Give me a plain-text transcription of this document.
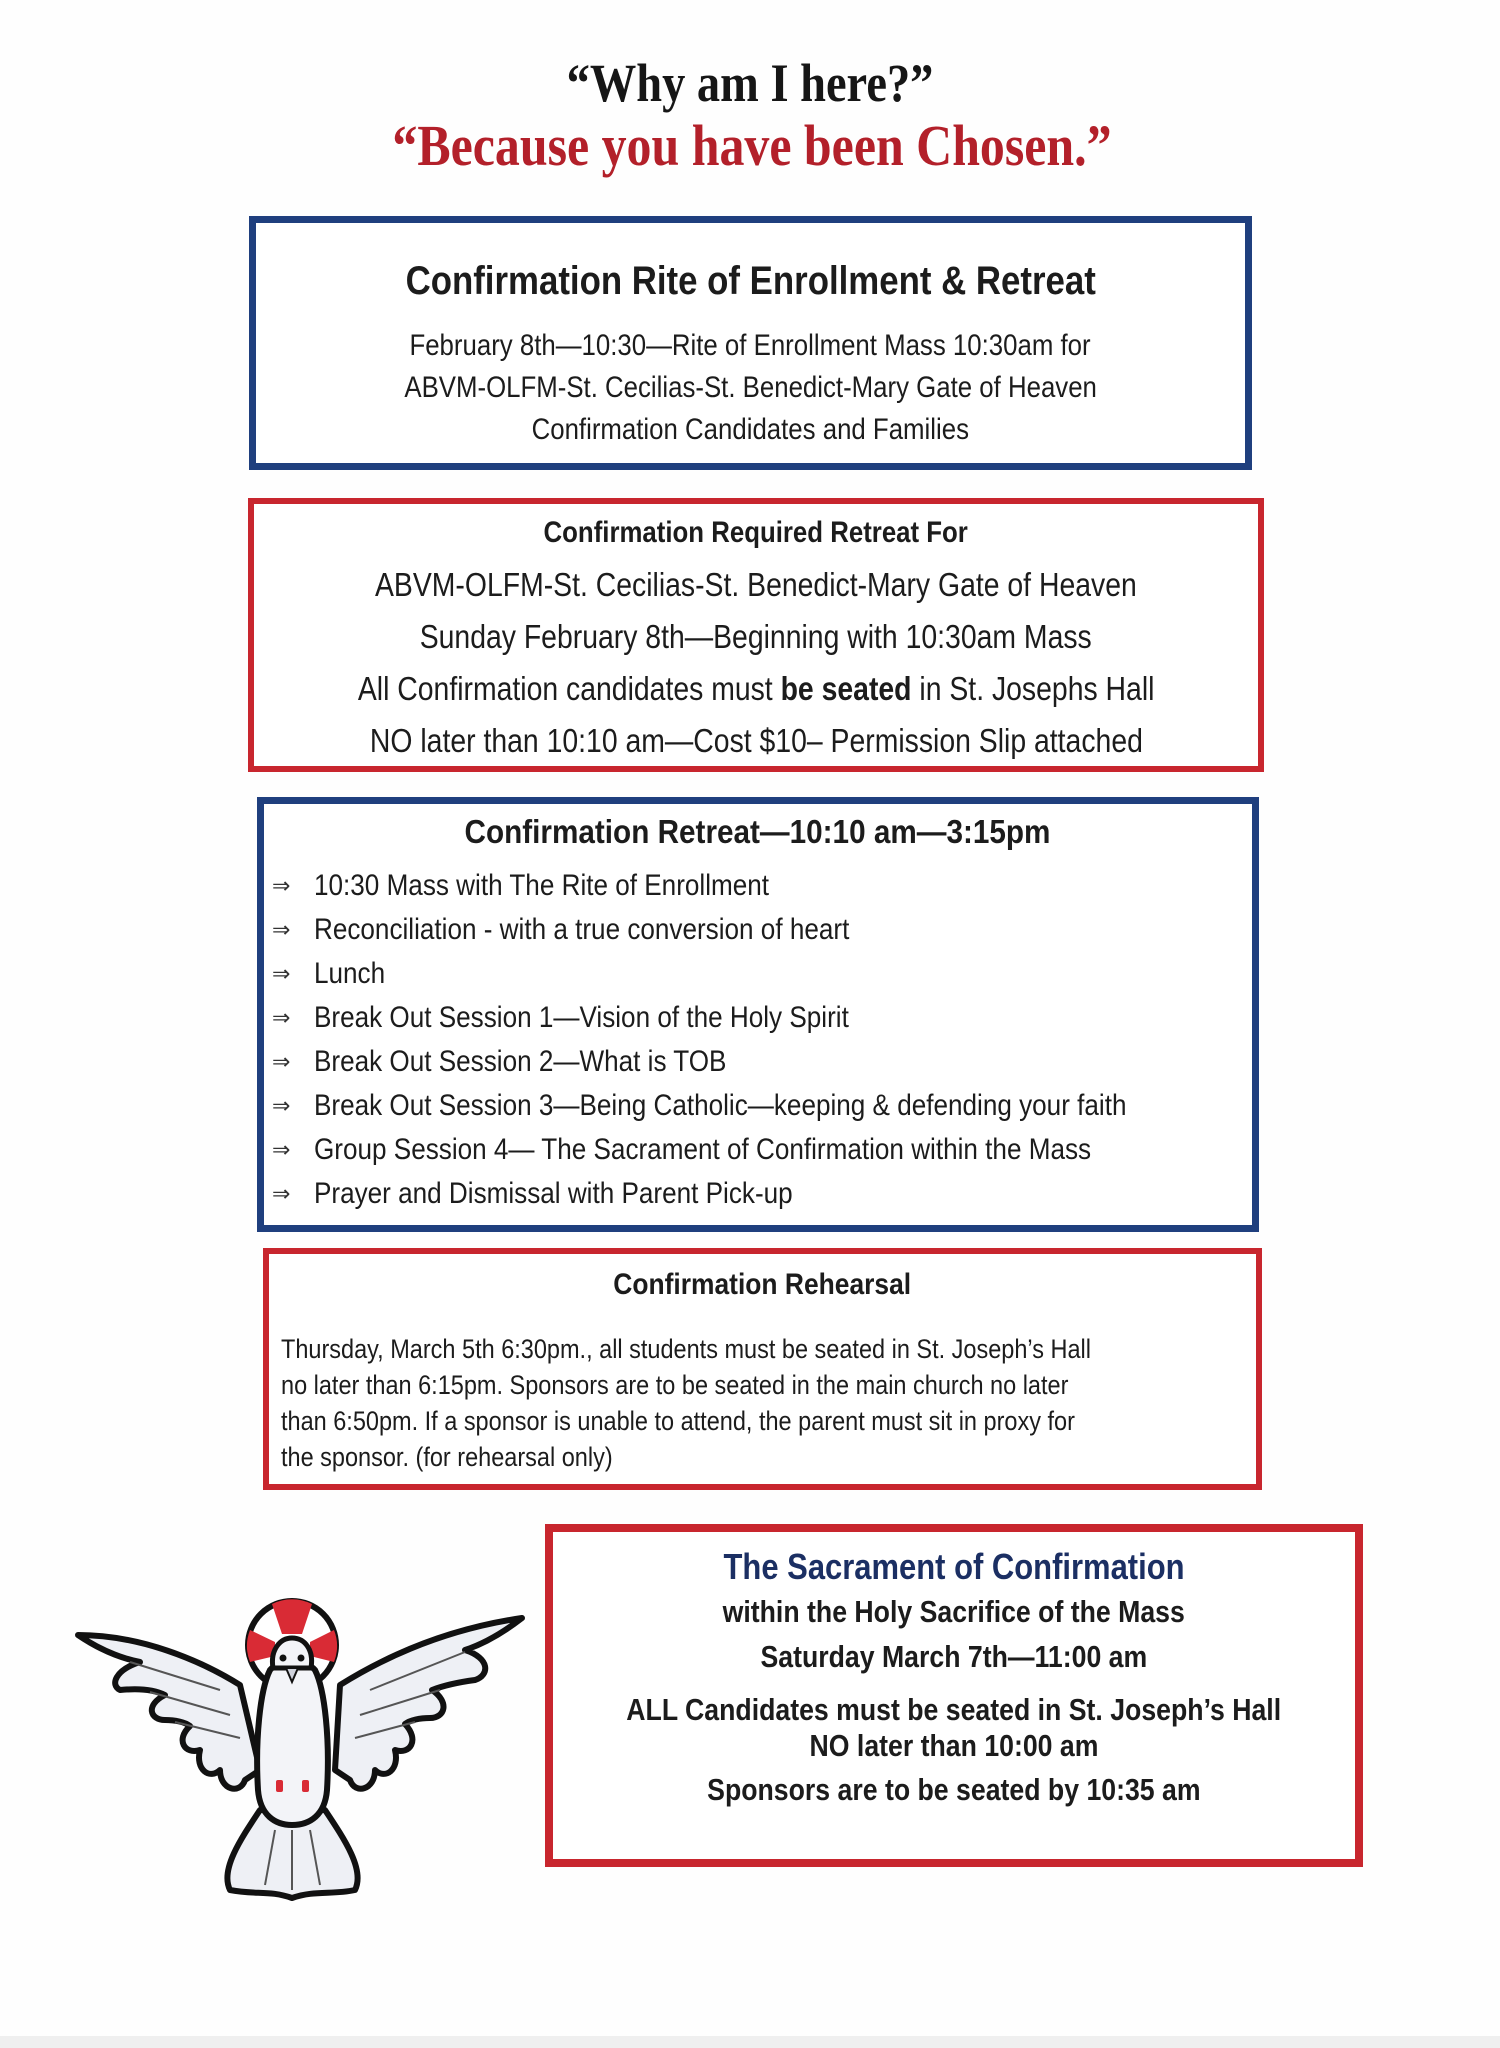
“Why am I here?”
“Because you have been Chosen.”
Confirmation Rite of Enrollment & Retreat
February 8th—10:30—Rite of Enrollment Mass 10:30am for
ABVM-OLFM-St. Cecilias-St. Benedict-Mary Gate of Heaven
Confirmation Candidates and Families
Confirmation Required Retreat For
ABVM-OLFM-St. Cecilias-St. Benedict-Mary Gate of Heaven
Sunday February 8th—Beginning with 10:30am Mass
All Confirmation candidates must be seated in St. Josephs Hall
NO later than 10:10 am—Cost $10– Permission Slip attached
Confirmation Retreat—10:10 am—3:15pm
⇒ 10:30 Mass with The Rite of Enrollment
⇒ Reconciliation - with a true conversion of heart
⇒ Lunch
⇒ Break Out Session 1—Vision of the Holy Spirit
⇒ Break Out Session 2—What is TOB
⇒ Break Out Session 3—Being Catholic—keeping & defending your faith
⇒ Group Session 4— The Sacrament of Confirmation within the Mass
⇒ Prayer and Dismissal with Parent Pick-up
Confirmation Rehearsal
Thursday, March 5th 6:30pm., all students must be seated in St. Joseph’s Hall
no later than 6:15pm. Sponsors are to be seated in the main church no later
than 6:50pm. If a sponsor is unable to attend, the parent must sit in proxy for
the sponsor. (for rehearsal only)
The Sacrament of Confirmation
within the Holy Sacrifice of the Mass
Saturday March 7th—11:00 am
ALL Candidates must be seated in St. Joseph’s Hall
NO later than 10:00 am
Sponsors are to be seated by 10:35 am
